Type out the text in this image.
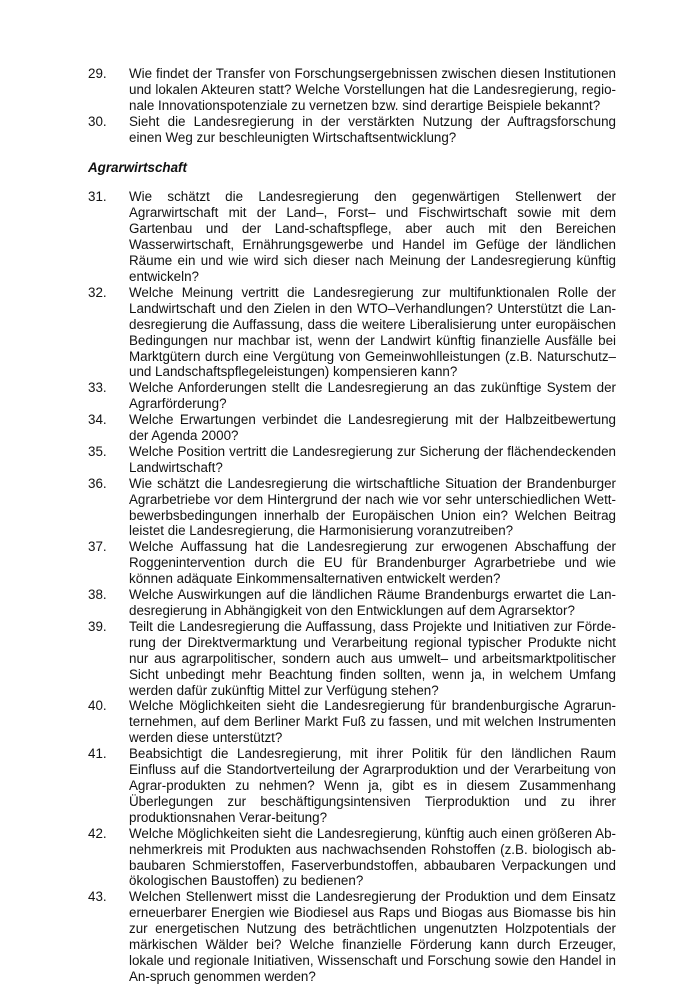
29.	Wie findet der Transfer von Forschungsergebnissen zwischen diesen Institutionen und lokalen Akteuren statt? Welche Vorstellungen hat die Landesregierung, regio-nale Innovationspotenziale zu vernetzen bzw. sind derartige Beispiele bekannt?
30.	Sieht die Landesregierung in der verstärkten Nutzung der Auftragsforschung einen Weg zur beschleunigten Wirtschaftsentwicklung?
Agrarwirtschaft
31.	Wie schätzt die Landesregierung den gegenwärtigen Stellenwert der Agrarwirtschaft mit der Land–, Forst– und Fischwirtschaft sowie mit dem Gartenbau und der Land-schaftspflege, aber auch mit den Bereichen Wasserwirtschaft, Ernährungsgewerbe und Handel im Gefüge der ländlichen Räume ein und wie wird sich dieser nach Meinung der Landesregierung künftig entwickeln?
32.	Welche Meinung vertritt die Landesregierung zur multifunktionalen Rolle der Landwirtschaft und den Zielen in den WTO–Verhandlungen? Unterstützt die Lan-desregierung die Auffassung, dass die weitere Liberalisierung unter europäischen Bedingungen nur machbar ist, wenn der Landwirt künftig finanzielle Ausfälle bei Marktgütern durch eine Vergütung von Gemeinwohlleistungen (z.B. Naturschutz– und Landschaftspflegeleistungen) kompensieren kann?
33.	Welche Anforderungen stellt die Landesregierung an das zukünftige System der Agrarförderung?
34.	Welche Erwartungen verbindet die Landesregierung mit der Halbzeitbewertung der Agenda 2000?
35.	Welche Position vertritt die Landesregierung zur Sicherung der flächendeckenden Landwirtschaft?
36.	Wie schätzt die Landesregierung die wirtschaftliche Situation der Brandenburger Agrarbetriebe vor dem Hintergrund der nach wie vor sehr unterschiedlichen Wett-bewerbsbedingungen innerhalb der Europäischen Union ein? Welchen Beitrag leistet die Landesregierung, die Harmonisierung voranzutreiben?
37.	Welche Auffassung hat die Landesregierung zur erwogenen Abschaffung der Roggenintervention durch die EU für Brandenburger Agrarbetriebe und wie können adäquate Einkommensalternativen entwickelt werden?
38.	Welche Auswirkungen auf die ländlichen Räume Brandenburgs erwartet die Lan-desregierung in Abhängigkeit von den Entwicklungen auf dem Agrarsektor?
39.	Teilt die Landesregierung die Auffassung, dass Projekte und Initiativen zur Förde-rung der Direktvermarktung und Verarbeitung regional typischer Produkte nicht nur aus agrarpolitischer, sondern auch aus umwelt– und arbeitsmarktpolitischer Sicht unbedingt mehr Beachtung finden sollten, wenn ja, in welchem Umfang werden dafür zukünftig Mittel zur Verfügung stehen?
40.	Welche Möglichkeiten sieht die Landesregierung für brandenburgische Agrarun-ternehmen, auf dem Berliner Markt Fuß zu fassen, und mit welchen Instrumenten werden diese unterstützt?
41.	Beabsichtigt die Landesregierung, mit ihrer Politik für den ländlichen Raum Einfluss auf die Standortverteilung der Agrarproduktion und der Verarbeitung von Agrar-produkten zu nehmen? Wenn ja, gibt es in diesem Zusammenhang Überlegungen zur beschäftigungsintensiven Tierproduktion und zu ihrer produktionsnahen Verar-beitung?
42.	Welche Möglichkeiten sieht die Landesregierung, künftig auch einen größeren Ab-nehmerkreis mit Produkten aus nachwachsenden Rohstoffen (z.B. biologisch ab-baubaren Schmierstoffen, Faserverbundstoffen, abbaubaren Verpackungen und ökologischen Baustoffen) zu bedienen?
43.	Welchen Stellenwert misst die Landesregierung der Produktion und dem Einsatz erneuerbarer Energien wie Biodiesel aus Raps und Biogas aus Biomasse bis hin zur energetischen Nutzung des beträchtlichen ungenutzten Holzpotentials der märkischen Wälder bei? Welche finanzielle Förderung kann durch Erzeuger, lokale und regionale Initiativen, Wissenschaft und Forschung sowie den Handel in An-spruch genommen werden?
